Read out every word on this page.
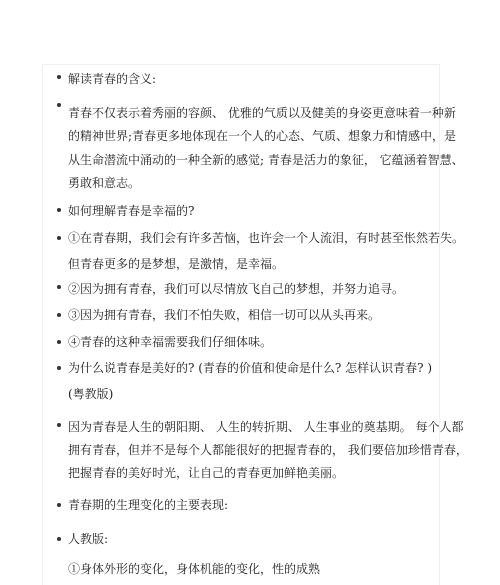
解读青春的含义:
青春不仅表示着秀丽的容颜、 优雅的气质以及健美的身姿更意味着一种新
的精神世界;青春更多地体现在一个人的心态、气质、想象力和情感中，是
从生命潜流中涌动的一种全新的感觉; 青春是活力的象征， 它蕴涵着智慧、
勇敢和意志。
如何理解青春是幸福的?
①在青春期，我们会有许多苦恼，也许会一个人流泪，有时甚至怅然若失。
但青春更多的是梦想，是激情，是幸福。
②因为拥有青春，我们可以尽情放飞自己的梦想，并努力追寻。
③因为拥有青春，我们不怕失败，相信一切可以从头再来。
④青春的这种幸福需要我们仔细体味。
为什么说青春是美好的? (青春的价值和使命是什么? 怎样认识青春? )
(粤教版)
因为青春是人生的朝阳期、 人生的转折期、 人生事业的奠基期。 每个人都
拥有青春，但并不是每个人都能很好的把握青春的， 我们要倍加珍惜青春，
把握青春的美好时光，让自己的青春更加鲜艳美丽。
青春期的生理变化的主要表现:
人教版:
①身体外形的变化，身体机能的变化，性的成熟
